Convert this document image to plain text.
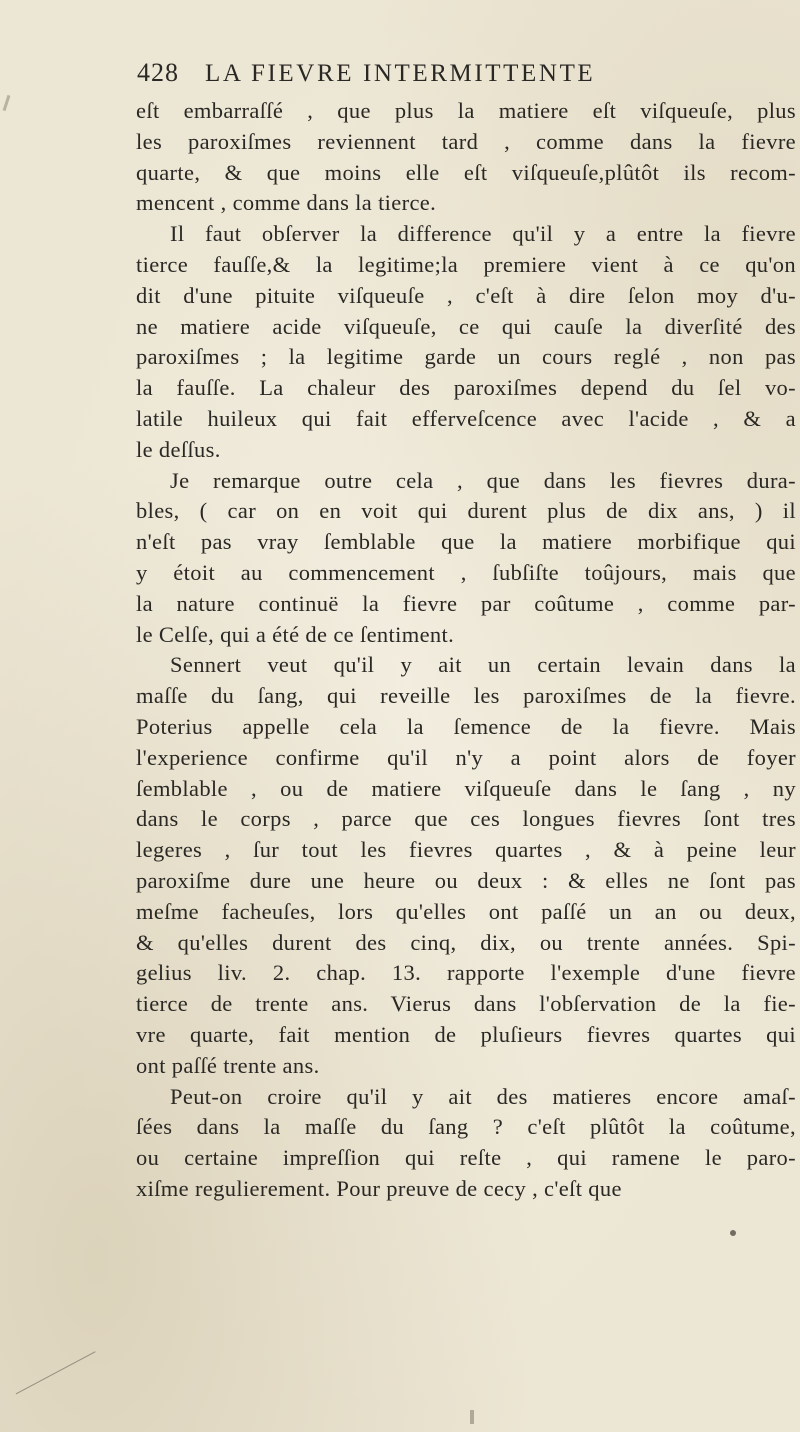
428 LA FIEVRE INTERMITTENTE
eſt embarraſſé , que plus la matiere eſt viſqueuſe, plus
les paroxiſmes reviennent tard , comme dans la fievre
quarte, & que moins elle eſt viſqueuſe,plûtôt ils recom-
mencent , comme dans la tierce.
Il faut obſerver la difference qu'il y a entre la fievre
tierce fauſſe,& la legitime;la premiere vient à ce qu'on
dit d'une pituite viſqueuſe , c'eſt à dire ſelon moy d'u-
ne matiere acide viſqueuſe, ce qui cauſe la diverſité des
paroxiſmes ; la legitime garde un cours reglé , non pas
la fauſſe. La chaleur des paroxiſmes depend du ſel vo-
latile huileux qui fait efferveſcence avec l'acide , & a
le deſſus.
Je remarque outre cela , que dans les fievres dura-
bles, ( car on en voit qui durent plus de dix ans, ) il
n'eſt pas vray ſemblable que la matiere morbifique qui
y étoit au commencement , ſubſiſte toûjours, mais que
la nature continuë la fievre par coûtume , comme par-
le Celſe, qui a été de ce ſentiment.
Sennert veut qu'il y ait un certain levain dans la
maſſe du ſang, qui reveille les paroxiſmes de la fievre.
Poterius appelle cela la ſemence de la fievre. Mais
l'experience confirme qu'il n'y a point alors de foyer
ſemblable , ou de matiere viſqueuſe dans le ſang , ny
dans le corps , parce que ces longues fievres ſont tres
legeres , ſur tout les fievres quartes , & à peine leur
paroxiſme dure une heure ou deux : & elles ne ſont pas
meſme facheuſes, lors qu'elles ont paſſé un an ou deux,
& qu'elles durent des cinq, dix, ou trente années. Spi-
gelius liv. 2. chap. 13. rapporte l'exemple d'une fievre
tierce de trente ans. Vierus dans l'obſervation de la fie-
vre quarte, fait mention de pluſieurs fievres quartes qui
ont paſſé trente ans.
Peut-on croire qu'il y ait des matieres encore amaſ-
ſées dans la maſſe du ſang ? c'eſt plûtôt la coûtume,
ou certaine impreſſion qui reſte , qui ramene le paro-
xiſme regulierement. Pour preuve de cecy , c'eſt que
